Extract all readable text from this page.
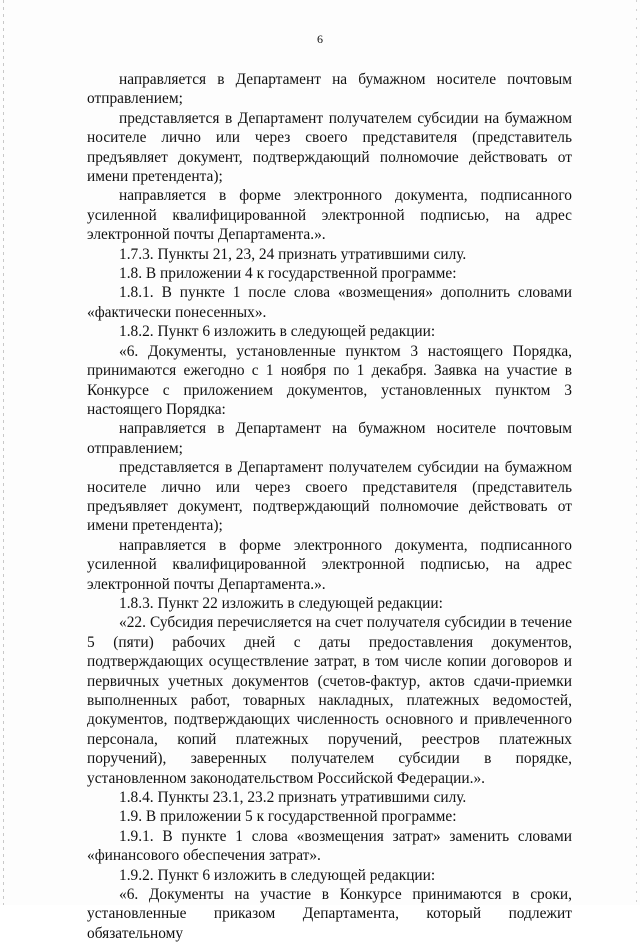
6

направляется в Департамент на бумажном носителе почтовым отправлением;

представляется в Департамент получателем субсидии на бумажном носителе лично или через своего представителя (представитель предъявляет документ, подтверждающий полномочие действовать от имени претендента);

направляется в форме электронного документа, подписанного усиленной квалифицированной электронной подписью, на адрес электронной почты Департамента.».

1.7.3. Пункты 21, 23, 24 признать утратившими силу.

1.8. В приложении 4 к государственной программе:

1.8.1. В пункте 1 после слова «возмещения» дополнить словами «фактически понесенных».

1.8.2. Пункт 6 изложить в следующей редакции:

«6. Документы, установленные пунктом 3 настоящего Порядка, принимаются ежегодно с 1 ноября по 1 декабря. Заявка на участие в Конкурсе с приложением документов, установленных пунктом 3 настоящего Порядка:

направляется в Департамент на бумажном носителе почтовым отправлением;

представляется в Департамент получателем субсидии на бумажном носителе лично или через своего представителя (представитель предъявляет документ, подтверждающий полномочие действовать от имени претендента);

направляется в форме электронного документа, подписанного усиленной квалифицированной электронной подписью, на адрес электронной почты Департамента.».

1.8.3. Пункт 22 изложить в следующей редакции:

«22. Субсидия перечисляется на счет получателя субсидии в течение 5 (пяти) рабочих дней с даты предоставления документов, подтверждающих осуществление затрат, в том числе копии договоров и первичных учетных документов (счетов-фактур, актов сдачи-приемки выполненных работ, товарных накладных, платежных ведомостей, документов, подтверждающих численность основного и привлеченного персонала, копий платежных поручений, реестров платежных поручений), заверенных получателем субсидии в порядке, установленном законодательством Российской Федерации.».

1.8.4. Пункты 23.1, 23.2 признать утратившими силу.

1.9. В приложении 5 к государственной программе:

1.9.1. В пункте 1 слова «возмещения затрат» заменить словами «финансового обеспечения затрат».

1.9.2. Пункт 6 изложить в следующей редакции:

«6. Документы на участие в Конкурсе принимаются в сроки, установленные приказом Департамента, который подлежит обязательному
